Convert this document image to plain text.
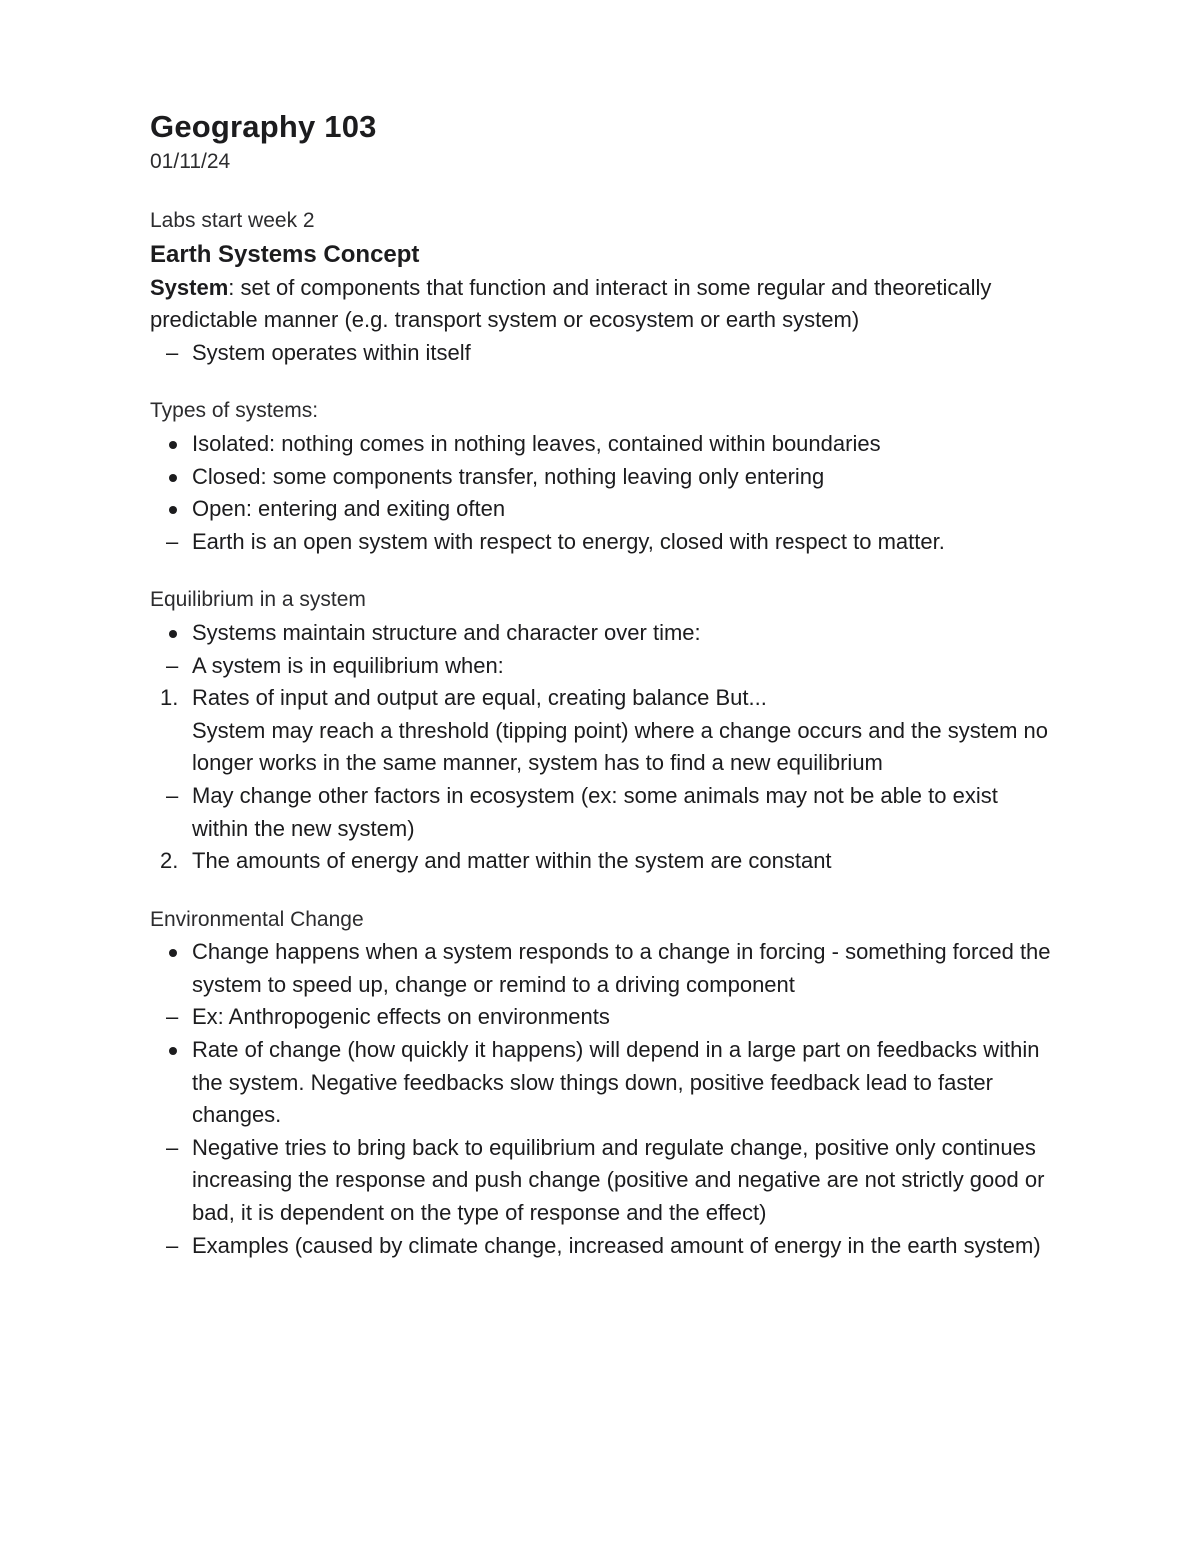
Geography 103

01/11/24

Labs start week 2

Earth Systems Concept

System: set of components that function and interact in some regular and theoretically predictable manner (e.g. transport system or ecosystem or earth system)

– System operates within itself

Types of systems:

Isolated: nothing comes in nothing leaves, contained within boundaries
Closed: some components transfer, nothing leaving only entering
Open: entering and exiting often
– Earth is an open system with respect to energy, closed with respect to matter.

Equilibrium in a system

Systems maintain structure and character over time:
– A system is in equilibrium when:
1. Rates of input and output are equal, creating balance But...

System may reach a threshold (tipping point) where a change occurs and the system no longer works in the same manner, system has to find a new equilibrium

– May change other factors in ecosystem (ex: some animals may not be able to exist within the new system)
2. The amounts of energy and matter within the system are constant

Environmental Change

Change happens when a system responds to a change in forcing - something forced the system to speed up, change or remind to a driving component
– Ex: Anthropogenic effects on environments
Rate of change (how quickly it happens) will depend in a large part on feedbacks within the system. Negative feedbacks slow things down, positive feedback lead to faster changes.
– Negative tries to bring back to equilibrium and regulate change, positive only continues increasing the response and push change (positive and negative are not strictly good or bad, it is dependent on the type of response and the effect)
– Examples (caused by climate change, increased amount of energy in the earth system)
